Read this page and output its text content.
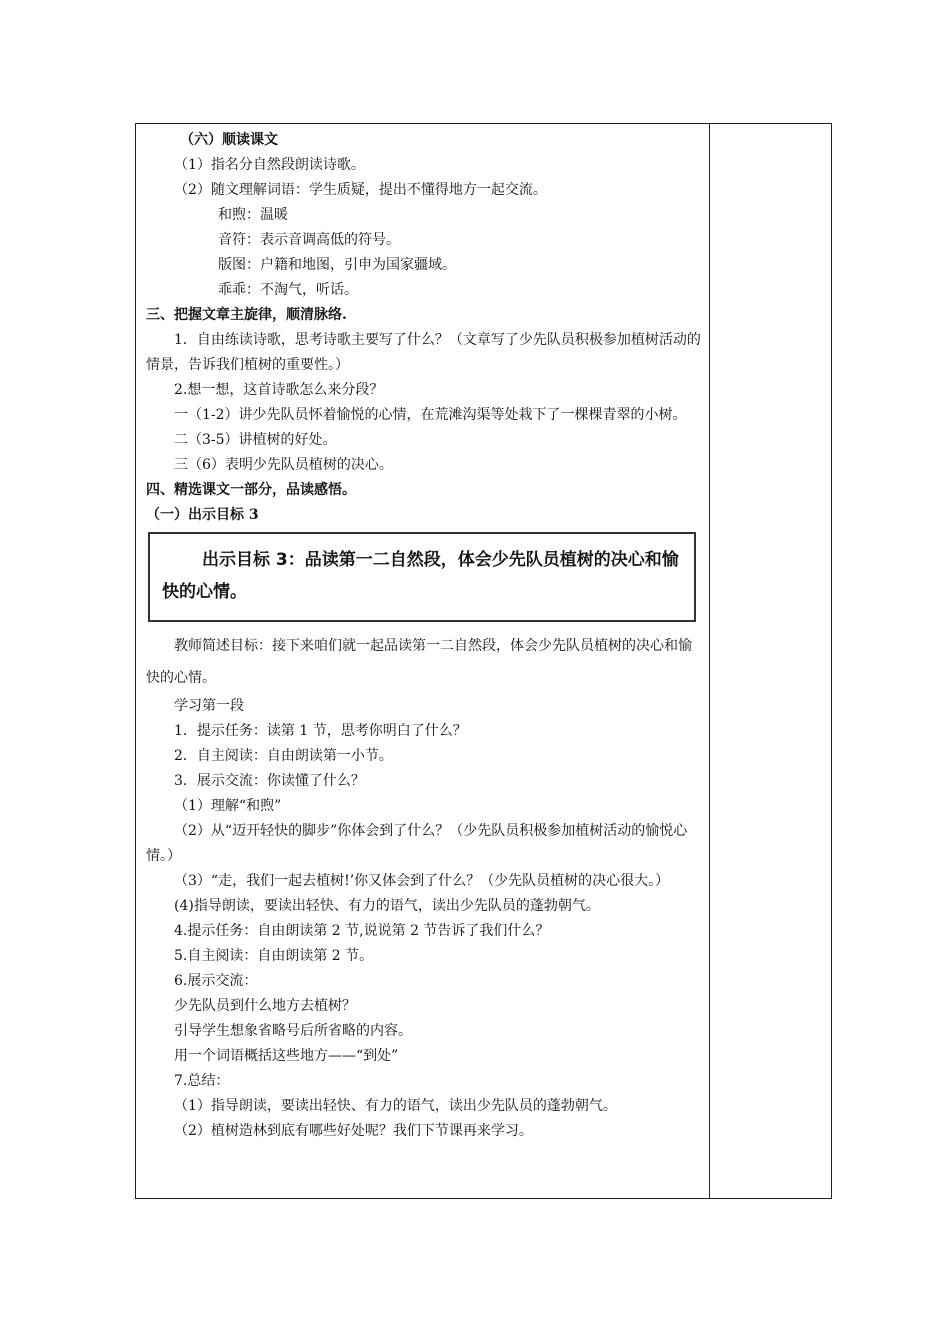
（六）顺读课文
（1）指名分自然段朗读诗歌。
（2）随文理解词语：学生质疑，提出不懂得地方一起交流。
和煦：温暖
音符：表示音调高低的符号。
版图：户籍和地图，引申为国家疆域。
乖乖：不淘气，听话。
三、把握文章主旋律，顺清脉络.
1．自由练读诗歌，思考诗歌主要写了什么？（文章写了少先队员积极参加植树活动的情景，告诉我们植树的重要性。）
2.想一想，这首诗歌怎么来分段？
一（1-2）讲少先队员怀着愉悦的心情，在荒滩沟渠等处栽下了一棵棵青翠的小树。
二（3-5）讲植树的好处。
三（6）表明少先队员植树的决心。
四、精选课文一部分，品读感悟。
（一）出示目标 3
出示目标 3：品读第一二自然段，体会少先队员植树的决心和愉快的心情。
教师简述目标：接下来咱们就一起品读第一二自然段，体会少先队员植树的决心和愉快的心情。
学习第一段
1．提示任务：读第 1 节，思考你明白了什么？
2．自主阅读：自由朗读第一小节。
3．展示交流：你读懂了什么？
（1）理解“和煦”
（2）从“迈开轻快的脚步”你体会到了什么？（少先队员积极参加植树活动的愉悦心情。）
（3）“走，我们一起去植树!’你又体会到了什么？（少先队员植树的决心很大。）
(4)指导朗读，要读出轻快、有力的语气，读出少先队员的蓬勃朝气。
4.提示任务：自由朗读第 2 节,说说第 2 节告诉了我们什么？
5.自主阅读：自由朗读第 2 节。
6.展示交流：
少先队员到什么地方去植树？
引导学生想象省略号后所省略的内容。
用一个词语概括这些地方——“到处”
7.总结：
（1）指导朗读，要读出轻快、有力的语气，读出少先队员的蓬勃朝气。
（2）植树造林到底有哪些好处呢？我们下节课再来学习。
